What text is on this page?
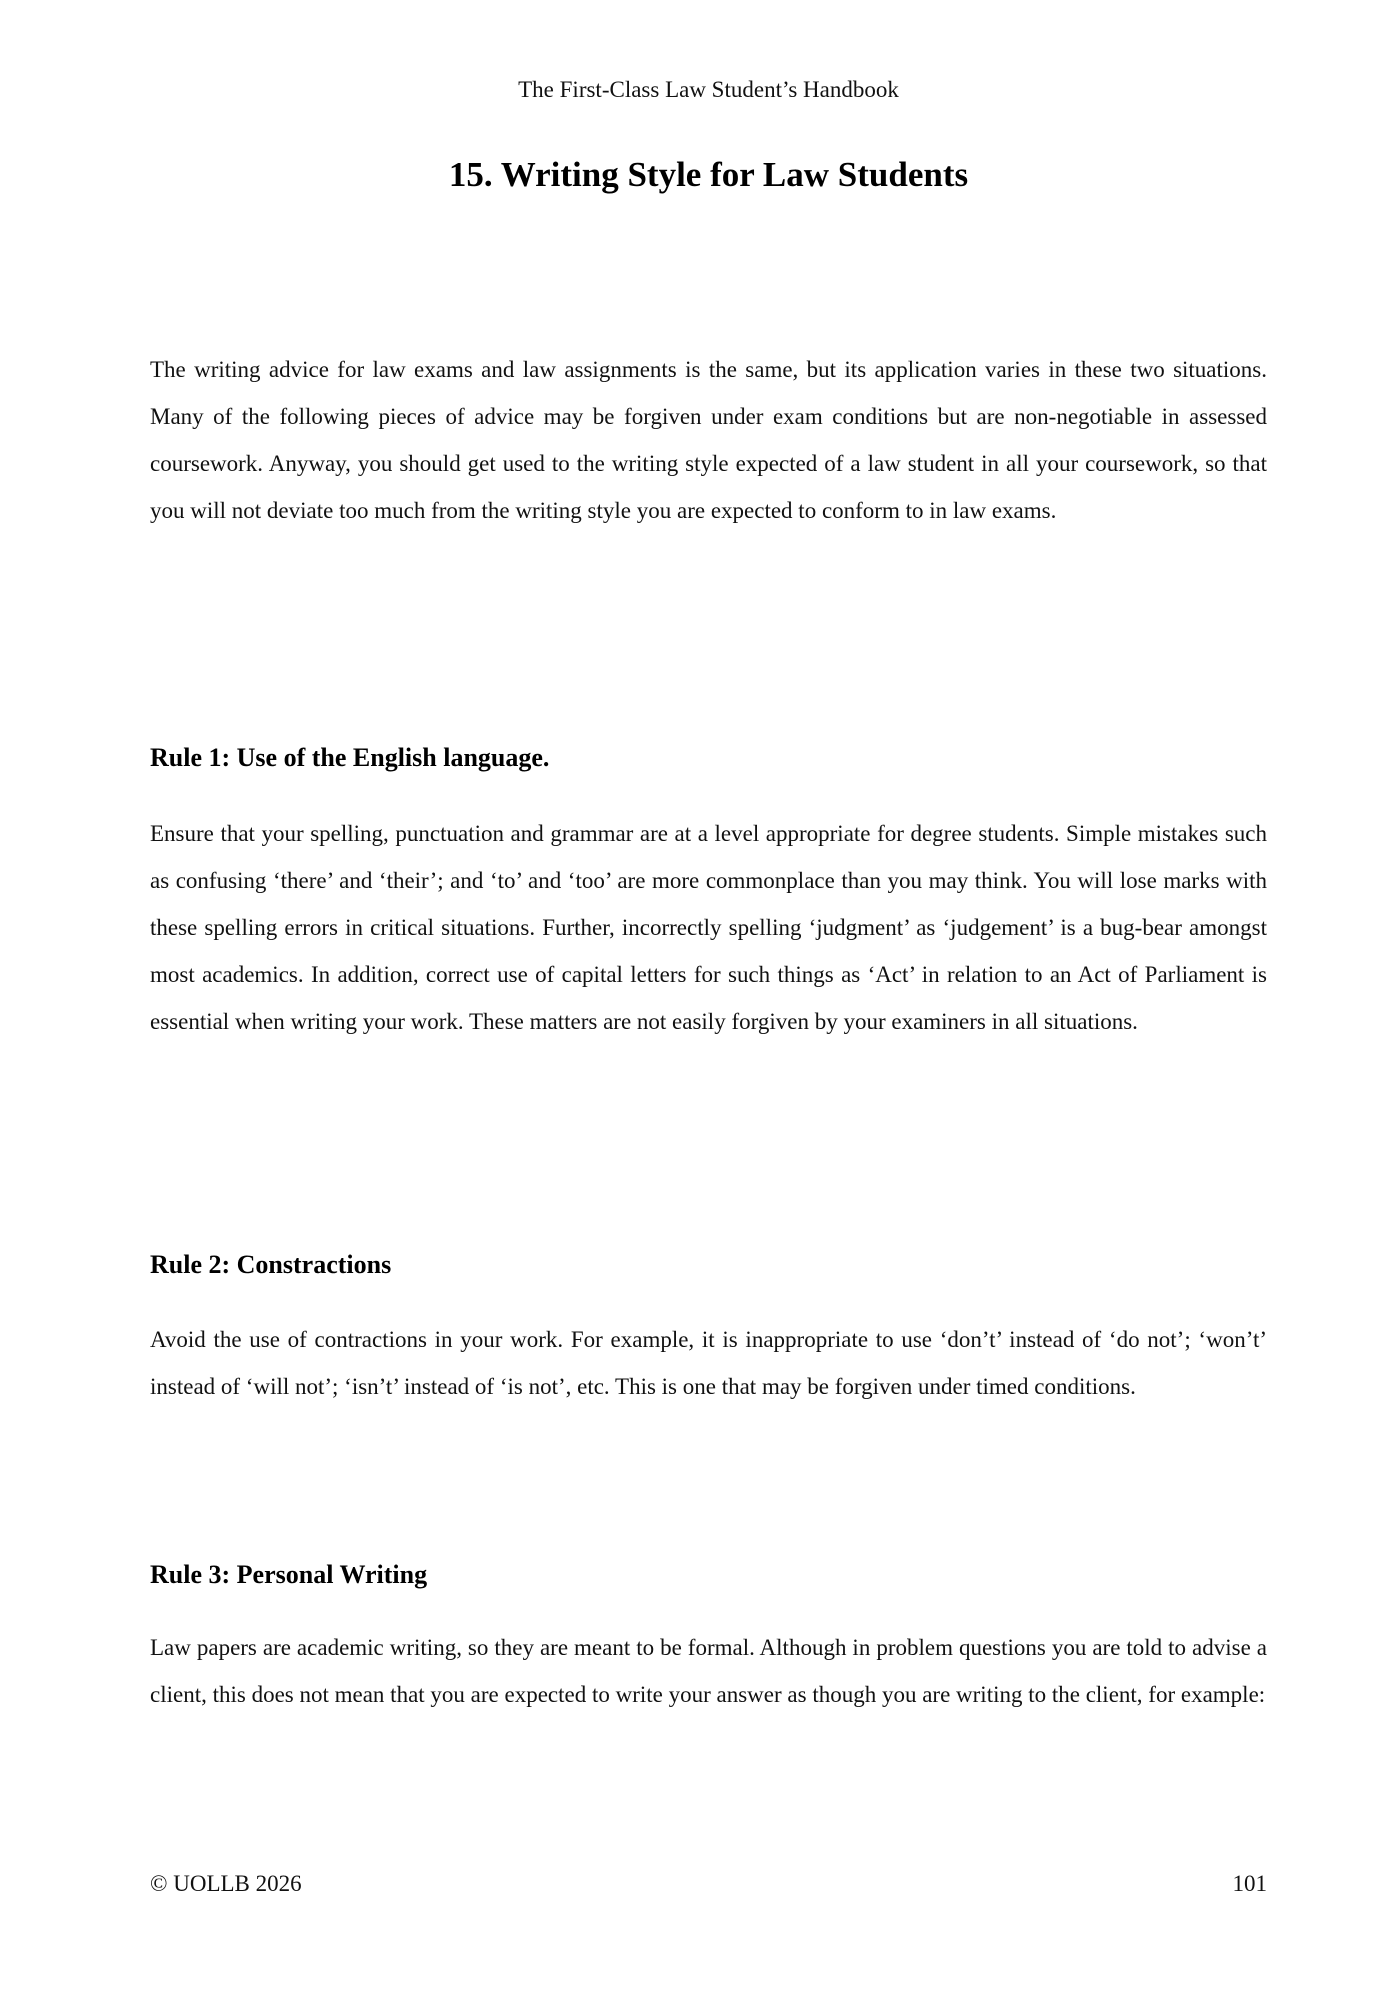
The First-Class Law Student’s Handbook
15. Writing Style for Law Students

The writing advice for law exams and law assignments is the same, but its application varies in these two situations. Many of the following pieces of advice may be forgiven under exam conditions but are non-negotiable in assessed coursework. Anyway, you should get used to the writing style expected of a law student in all your coursework, so that you will not deviate too much from the writing style you are expected to conform to in law exams.

Rule 1: Use of the English language.

Ensure that your spelling, punctuation and grammar are at a level appropriate for degree students. Simple mistakes such as confusing ‘there’ and ‘their’; and ‘to’ and ‘too’ are more commonplace than you may think. You will lose marks with these spelling errors in critical situations. Further, incorrectly spelling ‘judgment’ as ‘judgement’ is a bug-bear amongst most academics. In addition, correct use of capital letters for such things as ‘Act’ in relation to an Act of Parliament is essential when writing your work. These matters are not easily forgiven by your examiners in all situations.

Rule 2: Constractions

Avoid the use of contractions in your work. For example, it is inappropriate to use ‘don’t’ instead of ‘do not’; ‘won’t’ instead of ‘will not’; ‘isn’t’ instead of ‘is not’, etc. This is one that may be forgiven under timed conditions.

Rule 3: Personal Writing

Law papers are academic writing, so they are meant to be formal. Although in problem questions you are told to advise a client, this does not mean that you are expected to write your answer as though you are writing to the client, for example:

© UOLLB 2026	101
